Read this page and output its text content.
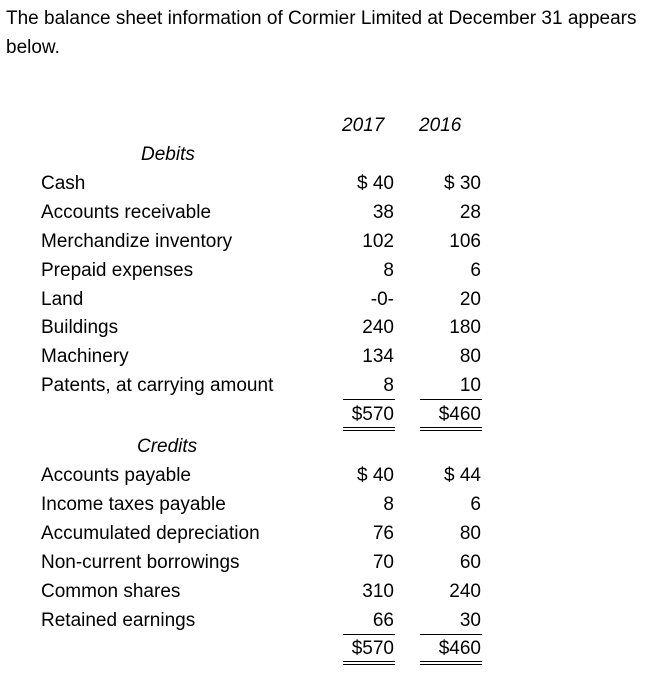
The balance sheet information of Cormier Limited at December 31 appears below.

2017 2016
Debits
Cash	$ 40	$ 30
Accounts receivable	38	28
Merchandize inventory	102	106
Prepaid expenses	8	6
Land	-0-	20
Buildings	240	180
Machinery	134	80
Patents, at carrying amount	8	10
$570 $460
Credits
Accounts payable	$ 40	$ 44
Income taxes payable	8	6
Accumulated depreciation	76	80
Non-current borrowings	70	60
Common shares	310	240
Retained earnings	66	30
$570 $460
